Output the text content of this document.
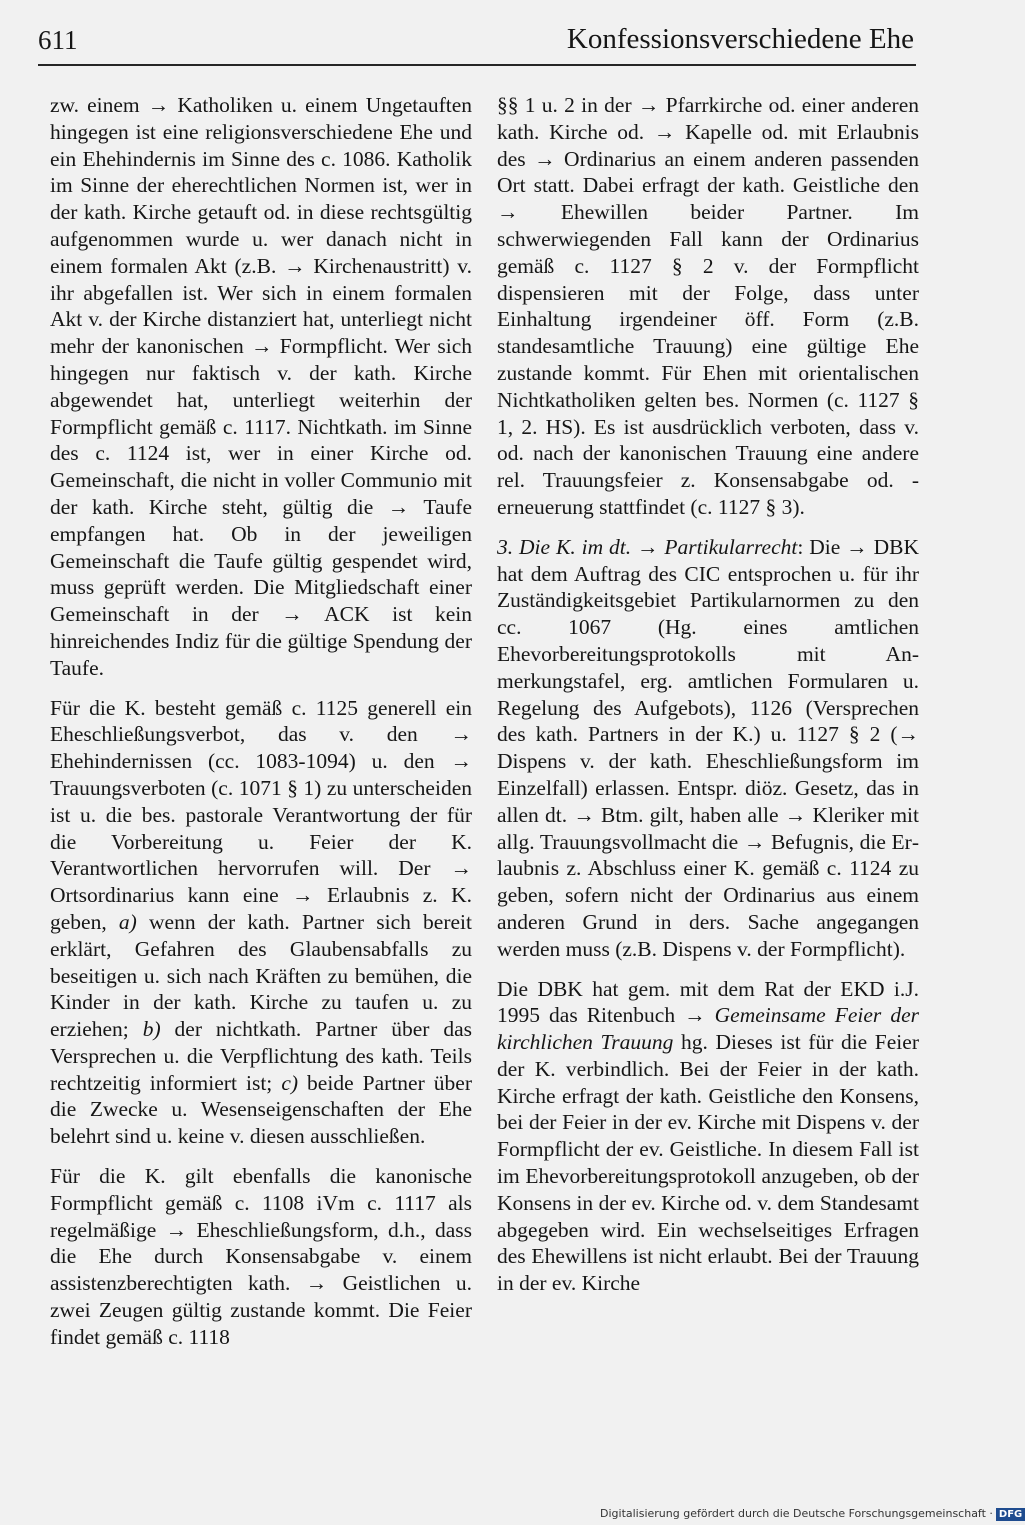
611	Konfessionsverschiedene Ehe

zw. einem → Katholiken u. einem Ungetauften hingegen ist eine religionsverschiedene Ehe und ein Ehehindernis im Sinne des c. 1086. Katholik im Sinne der eherechtlichen Normen ist, wer in der kath. Kirche getauft od. in diese rechtsgültig aufgenommen wurde u. wer danach nicht in einem formalen Akt (z.B. → Kirchenaustritt) v. ihr abgefallen ist. Wer sich in einem formalen Akt v. der Kirche distanziert hat, unterliegt nicht mehr der kanonischen → Formpflicht. Wer sich hingegen nur faktisch v. der kath. Kirche abgewendet hat, unterliegt weiterhin der Formpflicht gemäß c. 1117. Nichtkath. im Sinne des c. 1124 ist, wer in einer Kirche od. Gemeinschaft, die nicht in voller Communio mit der kath. Kirche steht, gültig die → Taufe empfangen hat. Ob in der jeweiligen Gemeinschaft die Taufe gültig gespendet wird, muss geprüft werden. Die Mitgliedschaft einer Gemeinschaft in der → ACK ist kein hinreichendes Indiz für die gültige Spendung der Taufe.

Für die K. besteht gemäß c. 1125 generell ein Eheschließungsverbot, das v. den → Ehehindernissen (cc. 1083-1094) u. den → Trauungsverboten (c. 1071 § 1) zu unterscheiden ist u. die bes. pastorale Verantwortung der für die Vorbereitung u. Feier der K. Verantwortlichen hervorrufen will. Der → Ortsordinarius kann eine → Erlaubnis z. K. geben, a) wenn der kath. Partner sich bereit erklärt, Gefahren des Glaubensabfalls zu beseitigen u. sich nach Kräften zu bemühen, die Kinder in der kath. Kirche zu taufen u. zu erziehen; b) der nichtkath. Partner über das Versprechen u. die Verpflichtung des kath. Teils rechtzeitig informiert ist; c) beide Partner über die Zwecke u. Wesenseigenschaften der Ehe belehrt sind u. keine v. diesen ausschließen.

Für die K. gilt ebenfalls die kanonische Formpflicht gemäß c. 1108 iVm c. 1117 als regelmäßige → Eheschließungsform, d.h., dass die Ehe durch Konsensabgabe v. einem assistenzberechtigten kath. → Geistlichen u. zwei Zeugen gültig zustande kommt. Die Feier findet gemäß c. 1118

§§ 1 u. 2 in der → Pfarrkirche od. einer anderen kath. Kirche od. → Kapelle od. mit Erlaubnis des → Ordinarius an einem anderen passenden Ort statt. Dabei erfragt der kath. Geistliche den → Ehewillen beider Partner. Im schwerwiegenden Fall kann der Ordinarius gemäß c. 1127 § 2 v. der Formpflicht dispensieren mit der Folge, dass unter Einhaltung irgendeiner öff. Form (z.B. standesamtliche Trauung) eine gültige Ehe zustande kommt. Für Ehen mit orientalischen Nichtkatholiken gelten bes. Normen (c. 1127 § 1, 2. HS). Es ist ausdrücklich verboten, dass v. od. nach der kanonischen Trauung eine andere rel. Trauungsfeier z. Konsensabgabe od. -erneuerung stattfindet (c. 1127 § 3).

3. Die K. im dt. → Partikularrecht: Die → DBK hat dem Auftrag des CIC entsprochen u. für ihr Zuständigkeitsgebiet Partikularnormen zu den cc. 1067 (Hg. eines amtlichen Ehevorbereitungsprotokolls mit Anmerkungstafel, erg. amtlichen Formularen u. Regelung des Aufgebots), 1126 (Versprechen des kath. Partners in der K.) u. 1127 § 2 (→ Dispens v. der kath. Eheschließungsform im Einzelfall) erlassen. Entspr. diöz. Gesetz, das in allen dt. → Btm. gilt, haben alle → Kleriker mit allg. Trauungsvollmacht die → Befugnis, die Erlaubnis z. Abschluss einer K. gemäß c. 1124 zu geben, sofern nicht der Ordinarius aus einem anderen Grund in ders. Sache angegangen werden muss (z.B. Dispens v. der Formpflicht).

Die DBK hat gem. mit dem Rat der EKD i.J. 1995 das Ritenbuch → Gemeinsame Feier der kirchlichen Trauung hg. Dieses ist für die Feier der K. verbindlich. Bei der Feier in der kath. Kirche erfragt der kath. Geistliche den Konsens, bei der Feier in der ev. Kirche mit Dispens v. der Formpflicht der ev. Geistliche. In diesem Fall ist im Ehevorbereitungsprotokoll anzugeben, ob der Konsens in der ev. Kirche od. v. dem Standesamt abgegeben wird. Ein wechselseitiges Erfragen des Ehewillens ist nicht erlaubt. Bei der Trauung in der ev. Kirche

Digitalisierung gefördert durch die Deutsche Forschungsgemeinschaft · DFG
